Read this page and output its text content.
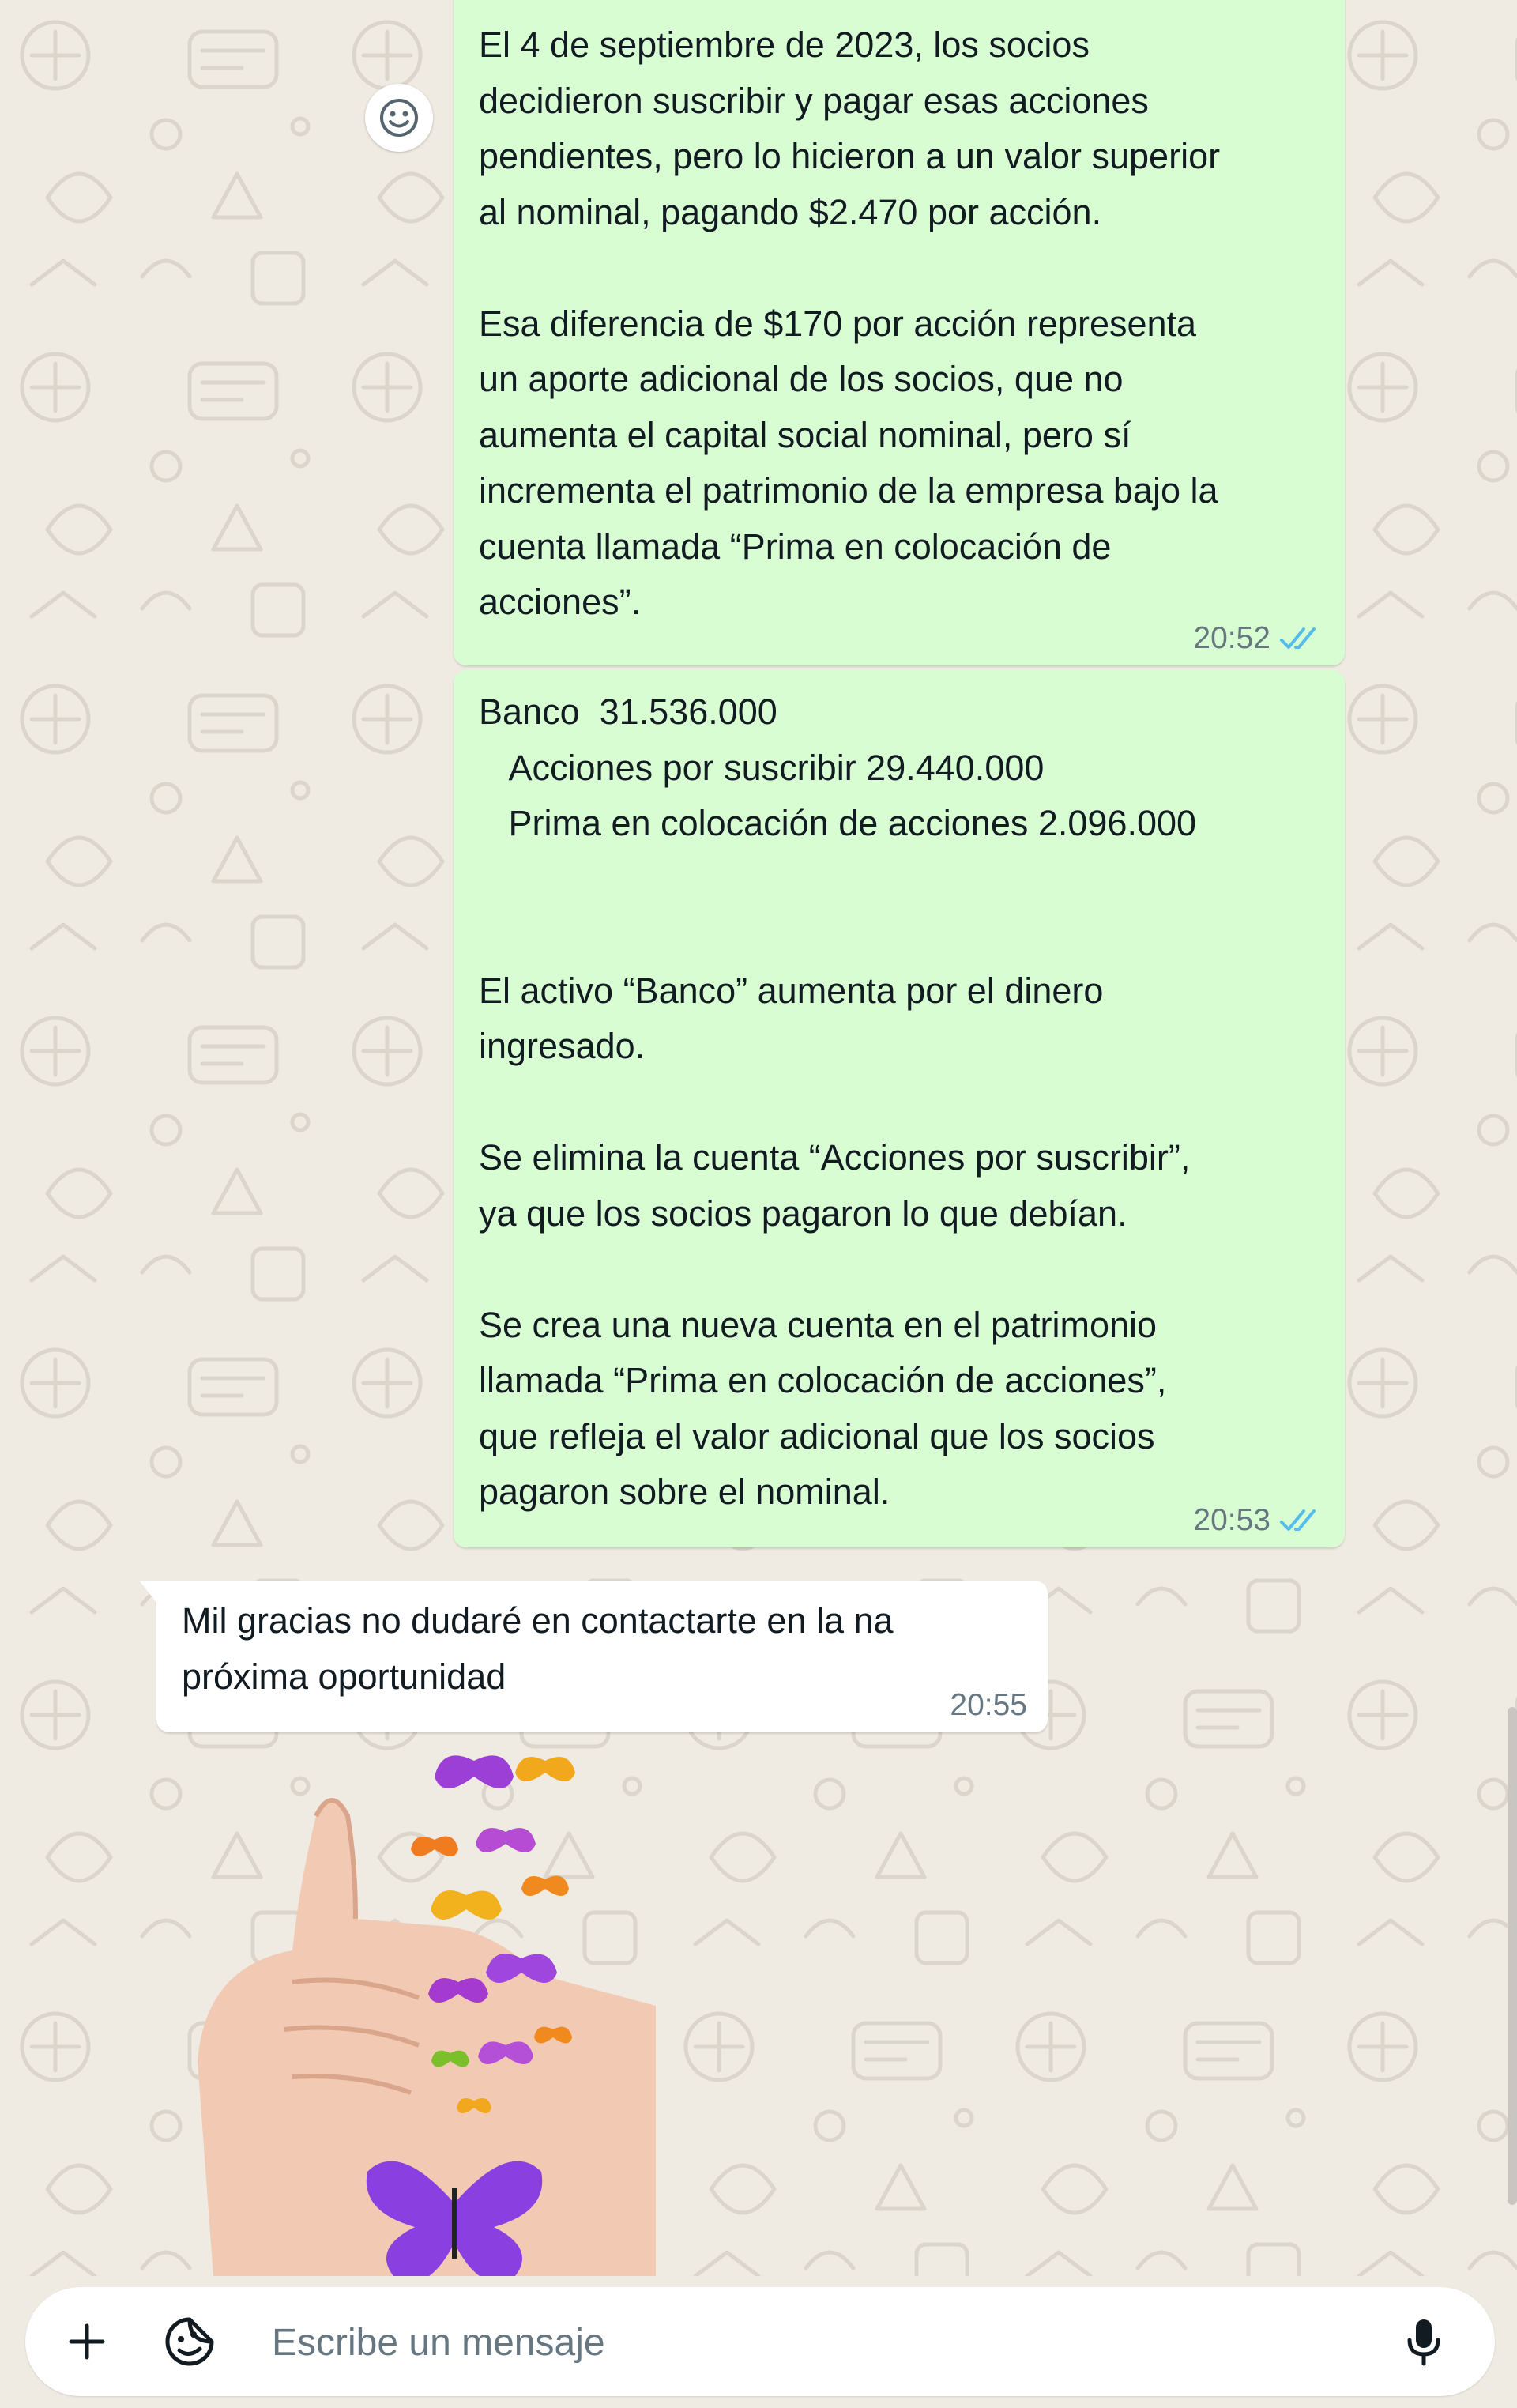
El 4 de septiembre de 2023, los socios
decidieron suscribir y pagar esas acciones
pendientes, pero lo hicieron a un valor superior
al nominal, pagando $2.470 por acción.

Esa diferencia de $170 por acción representa
un aporte adicional de los socios, que no
aumenta el capital social nominal, pero sí
incrementa el patrimonio de la empresa bajo la
cuenta llamada “Prima en colocación de
acciones”.
20:52
Banco  31.536.000
Acciones por suscribir 29.440.000
Prima en colocación de acciones 2.096.000

El activo “Banco” aumenta por el dinero
ingresado.

Se elimina la cuenta “Acciones por suscribir”,
ya que los socios pagaron lo que debían.

Se crea una nueva cuenta en el patrimonio
llamada “Prima en colocación de acciones”,
que refleja el valor adicional que los socios
pagaron sobre el nominal.
20:53
Mil gracias no dudaré en contactarte en la na
próxima oportunidad
20:55
Escribe un mensaje
